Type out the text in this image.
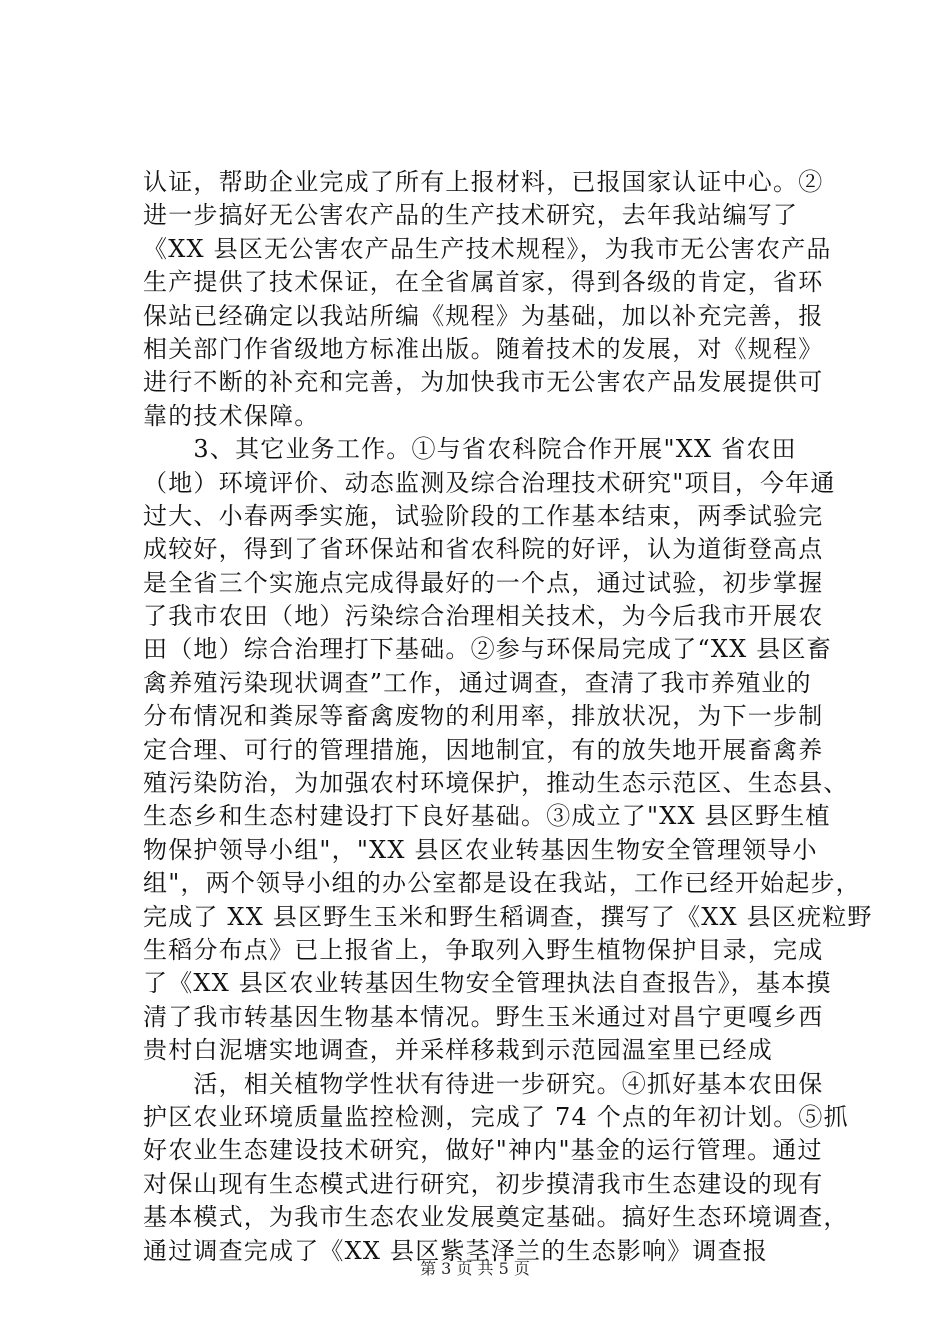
认证，帮助企业完成了所有上报材料，已报国家认证中心。②
进一步搞好无公害农产品的生产技术研究，去年我站编写了
《XX 县区无公害农产品生产技术规程》，为我市无公害农产品
生产提供了技术保证，在全省属首家，得到各级的肯定，省环
保站已经确定以我站所编《规程》为基础，加以补充完善，报
相关部门作省级地方标准出版。随着技术的发展，对《规程》
进行不断的补充和完善，为加快我市无公害农产品发展提供可
靠的技术保障。
　　3、其它业务工作。①与省农科院合作开展"XX 省农田
（地）环境评价、动态监测及综合治理技术研究"项目，今年通
过大、小春两季实施，试验阶段的工作基本结束，两季试验完
成较好，得到了省环保站和省农科院的好评，认为道街登高点
是全省三个实施点完成得最好的一个点，通过试验，初步掌握
了我市农田（地）污染综合治理相关技术，为今后我市开展农
田（地）综合治理打下基础。②参与环保局完成了“XX 县区畜
禽养殖污染现状调查”工作，通过调查，查清了我市养殖业的
分布情况和粪尿等畜禽废物的利用率，排放状况，为下一步制
定合理、可行的管理措施，因地制宜，有的放失地开展畜禽养
殖污染防治，为加强农村环境保护，推动生态示范区、生态县、
生态乡和生态村建设打下良好基础。③成立了"XX 县区野生植
物保护领导小组"，"XX 县区农业转基因生物安全管理领导小
组"，两个领导小组的办公室都是设在我站，工作已经开始起步，
完成了 XX 县区野生玉米和野生稻调查，撰写了《XX 县区疣粒野
生稻分布点》已上报省上，争取列入野生植物保护目录，完成
了《XX 县区农业转基因生物安全管理执法自查报告》，基本摸
清了我市转基因生物基本情况。野生玉米通过对昌宁更嘎乡西
贵村白泥塘实地调查，并采样移栽到示范园温室里已经成
　　活，相关植物学性状有待进一步研究。④抓好基本农田保
护区农业环境质量监控检测，完成了 74 个点的年初计划。⑤抓
好农业生态建设技术研究，做好"神内"基金的运行管理。通过
对保山现有生态模式进行研究，初步摸清我市生态建设的现有
基本模式，为我市生态农业发展奠定基础。搞好生态环境调查，
通过调查完成了《XX 县区紫茎泽兰的生态影响》调查报
第 3 页 共 5 页
